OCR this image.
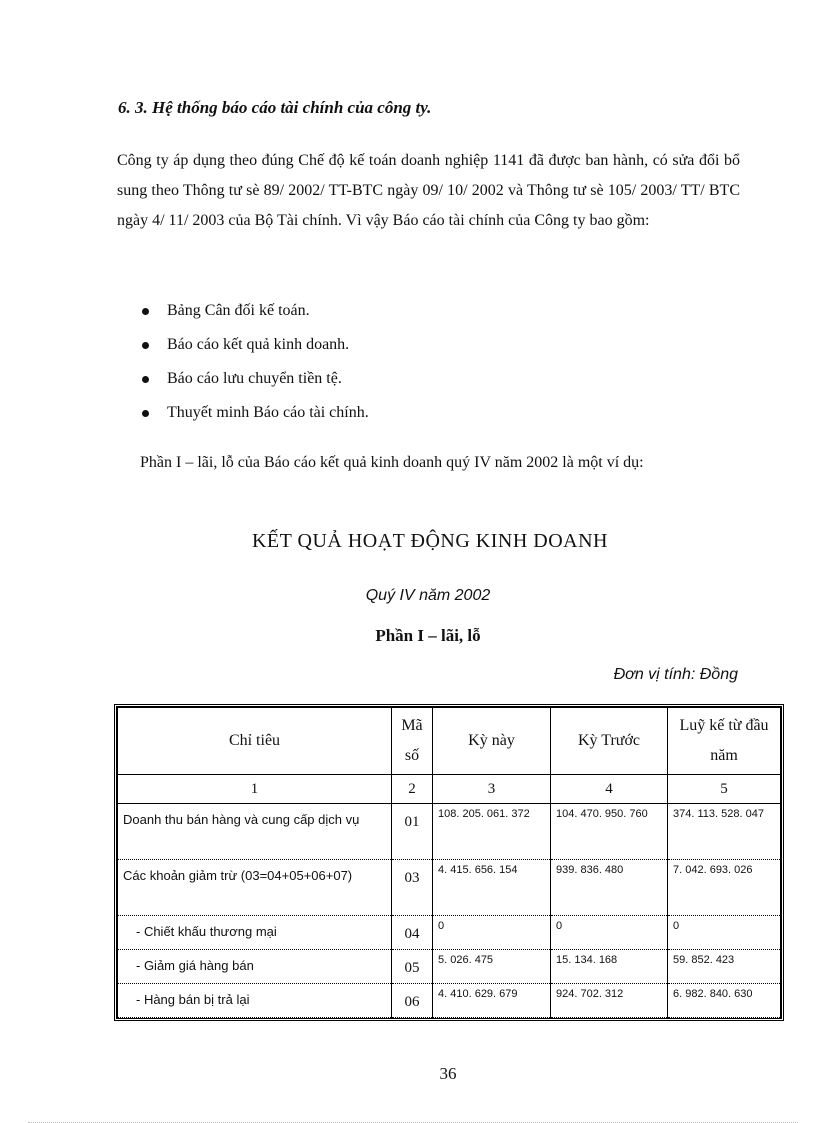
6. 3. Hệ thống báo cáo tài chính của công ty.

Công ty áp dụng theo đúng Chế độ kế toán doanh nghiệp 1141 đã được ban hành, có sửa đổi bổ sung theo Thông tư sè 89/ 2002/ TT-BTC ngày 09/ 10/ 2002 và Thông tư sè 105/ 2003/ TT/ BTC ngày 4/ 11/ 2003 của Bộ Tài chính. Vì vậy Báo cáo tài chính của Công ty bao gồm:

Bảng Cân đối kế toán.
Báo cáo kết quả kinh doanh.
Báo cáo lưu chuyển tiền tệ.
Thuyết minh Báo cáo tài chính.

Phần I – lãi, lỗ của Báo cáo kết quả kinh doanh quý IV năm 2002 là một ví dụ:

KẾT QUẢ HOẠT ĐỘNG KINH DOANH
Quý IV năm 2002
Phần I – lãi, lỗ
Đơn vị tính: Đồng
Chỉ tiêu	Mã số	Kỳ này	Kỳ Trước	Luỹ kế từ đầu năm
1	2	3	4	5
Doanh thu bán hàng và cung cấp dịch vụ	01	108. 205. 061. 372	104. 470. 950. 760	374. 113. 528. 047
Các khoản giảm trừ (03=04+05+06+07)	03	4. 415. 656. 154	939. 836. 480	7. 042. 693. 026
- Chiết khấu thương mại	04	0	0	0
- Giảm giá hàng bán	05	5. 026. 475	15. 134. 168	59. 852. 423
- Hàng bán bị trả lại	06	4. 410. 629. 679	924. 702. 312	6. 982. 840. 630
36
